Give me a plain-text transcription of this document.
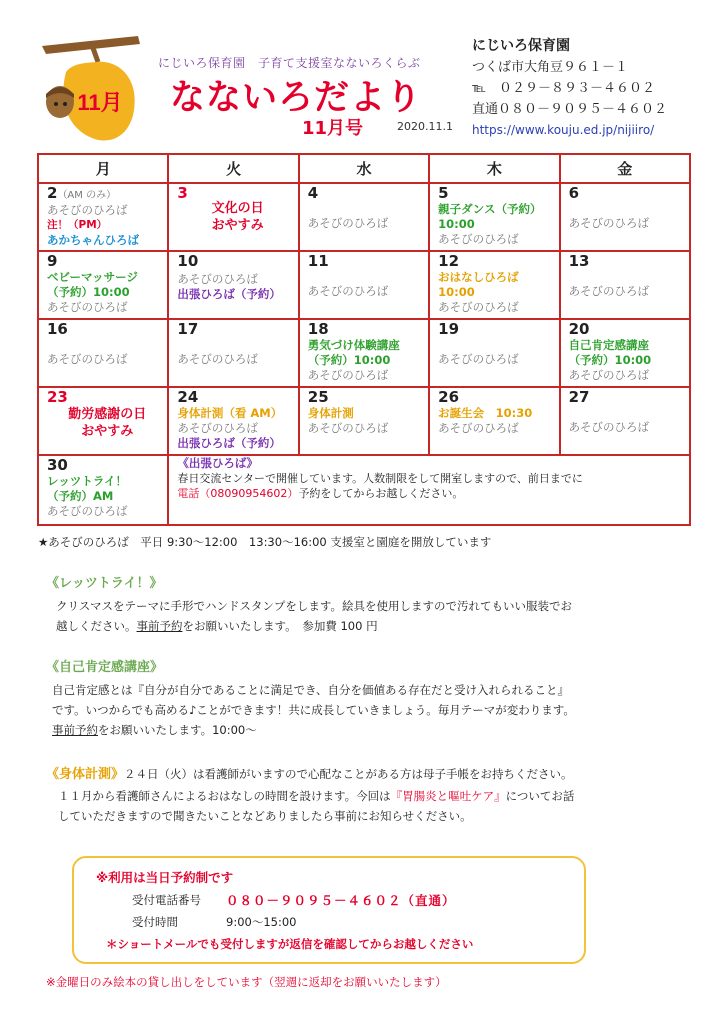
11月
にじいろ保育園　子育て支援室なないろくらぶ
なないろだより
11月号	2020.11.1
にじいろ保育園
つくば市大角豆９６１－１
℡　０２９－８９３－４６０２
直通０８０－９０９５－４６０２
https://www.kouju.ed.jp/nijiiro/
月	火	水	木	金

2（AM のみ）
あそびのひろば
注！（PM）
あかちゃんひろば	3
文化の日
おやすみ	4
あそびのひろば	5
親子ダンス（予約）
10:00
あそびのひろば	6
あそびのひろば

9
ベビーマッサージ
（予約）10:00
あそびのひろば	10
あそびのひろば
出張ひろば（予約）	11
あそびのひろば	12
おはなしひろば
10:00
あそびのひろば	13
あそびのひろば

16
あそびのひろば	17
あそびのひろば	18
勇気づけ体験講座
（予約）10:00
あそびのひろば	19
あそびのひろば	20
自己肯定感講座
（予約）10:00
あそびのひろば

23
勤労感謝の日
おやすみ	24
身体計測（看 AM）
あそびのひろば
出張ひろば（予約）	25
身体計測
あそびのひろば	26
お誕生会　10:30
あそびのひろば	27
あそびのひろば

30
レッツトライ！
（予約）AM
あそびのひろば	《出張ひろば》
春日交流センターで開催しています。人数制限をして開室しますので、前日までに
電話（08090954602）予約をしてからお越しください。			
★あそびのひろば　平日 9:30～12:00　13:30～16:00 支援室と園庭を開放しています
《レッツトライ！》
クリスマスをテーマに手形でハンドスタンプをします。絵具を使用しますので汚れてもいい服装でお
越しください。事前予約をお願いいたします。　参加費 100 円
《自己肯定感講座》
自己肯定感とは『自分が自分であることに満足でき、自分を価値ある存在だと受け入れられること』
です。いつからでも高める♪ことができます！共に成長していきましょう。毎月テーマが変わります。
事前予約をお願いいたします。10:00～
《身体計測》２４日（火）は看護師がいますので心配なことがある方は母子手帳をお持ちください。
１１月から看護師さんによるおはなしの時間を設けます。今回は『胃腸炎と嘔吐ケア』についてお話
していただきますので聞きたいことなどありましたら事前にお知らせください。
※利用は当日予約制です
受付電話番号 ０８０－９０９５－４６０２（直通）
受付時間	9:00～15:00
＊ショートメールでも受付しますが返信を確認してからお越しください
※金曜日のみ絵本の貸し出しをしています（翌週に返却をお願いいたします）
